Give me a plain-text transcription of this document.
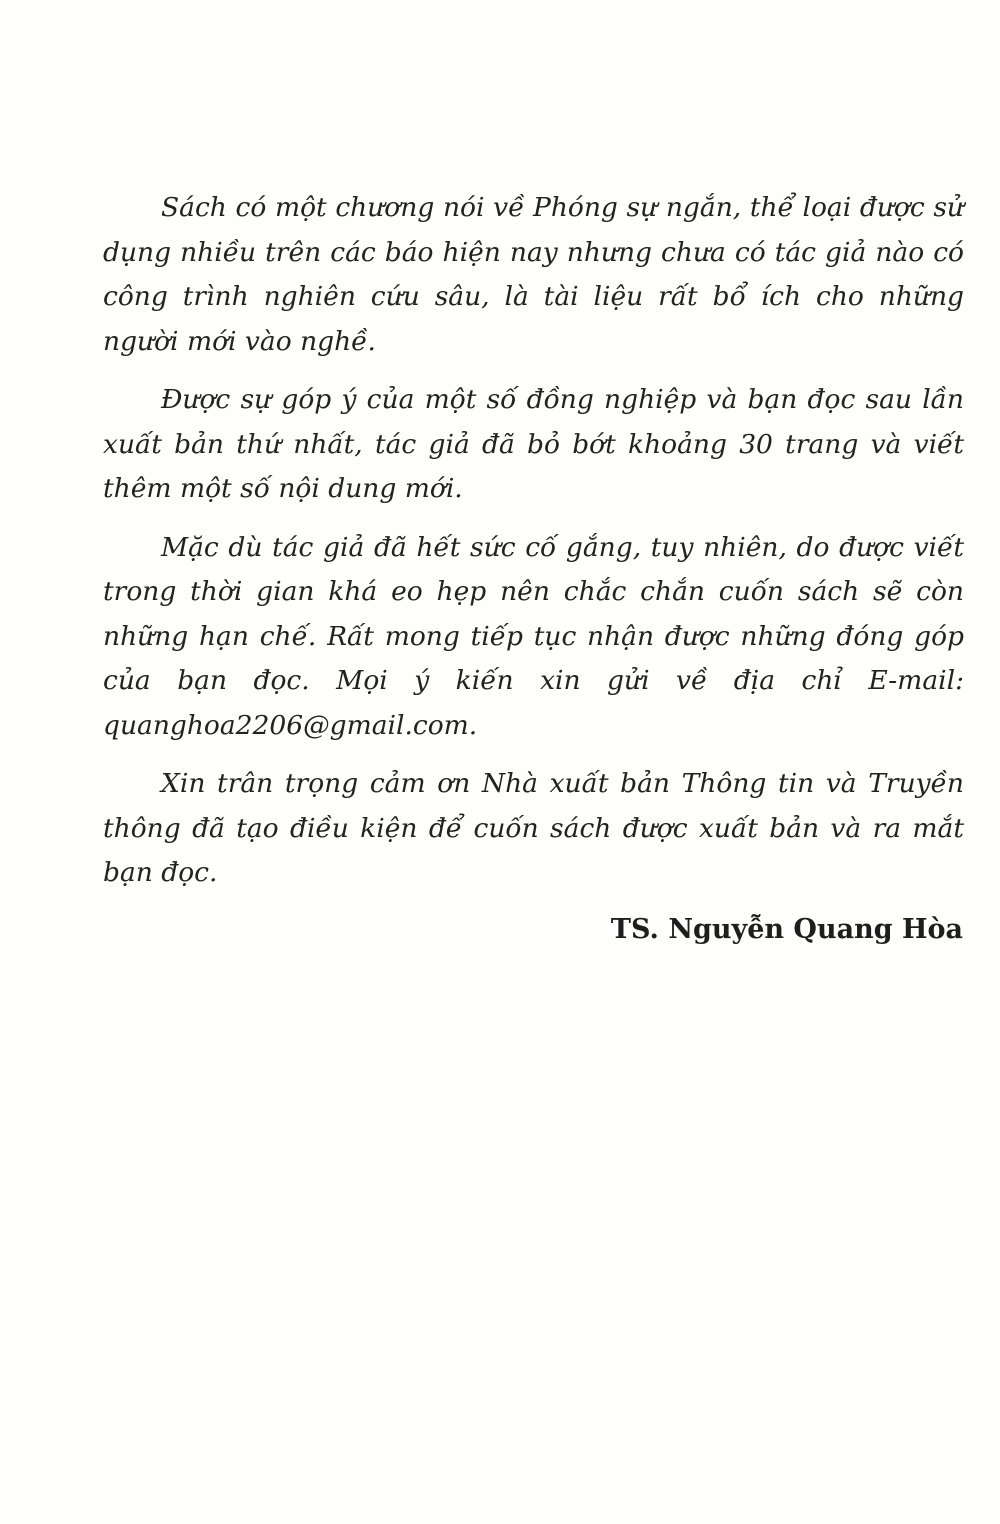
Sách có một chương nói về Phóng sự ngắn, thể loại được sử dụng nhiều trên các báo hiện nay nhưng chưa có tác giả nào có công trình nghiên cứu sâu, là tài liệu rất bổ ích cho những người mới vào nghề.

Được sự góp ý của một số đồng nghiệp và bạn đọc sau lần xuất bản thứ nhất, tác giả đã bỏ bớt khoảng 30 trang và viết thêm một số nội dung mới.

Mặc dù tác giả đã hết sức cố gắng, tuy nhiên, do được viết trong thời gian khá eo hẹp nên chắc chắn cuốn sách sẽ còn những hạn chế. Rất mong tiếp tục nhận được những đóng góp của bạn đọc. Mọi ý kiến xin gửi về địa chỉ E-mail: quanghoa2206@gmail.com.

Xin trân trọng cảm ơn Nhà xuất bản Thông tin và Truyền thông đã tạo điều kiện để cuốn sách được xuất bản và ra mắt bạn đọc.

TS. Nguyễn Quang Hòa
